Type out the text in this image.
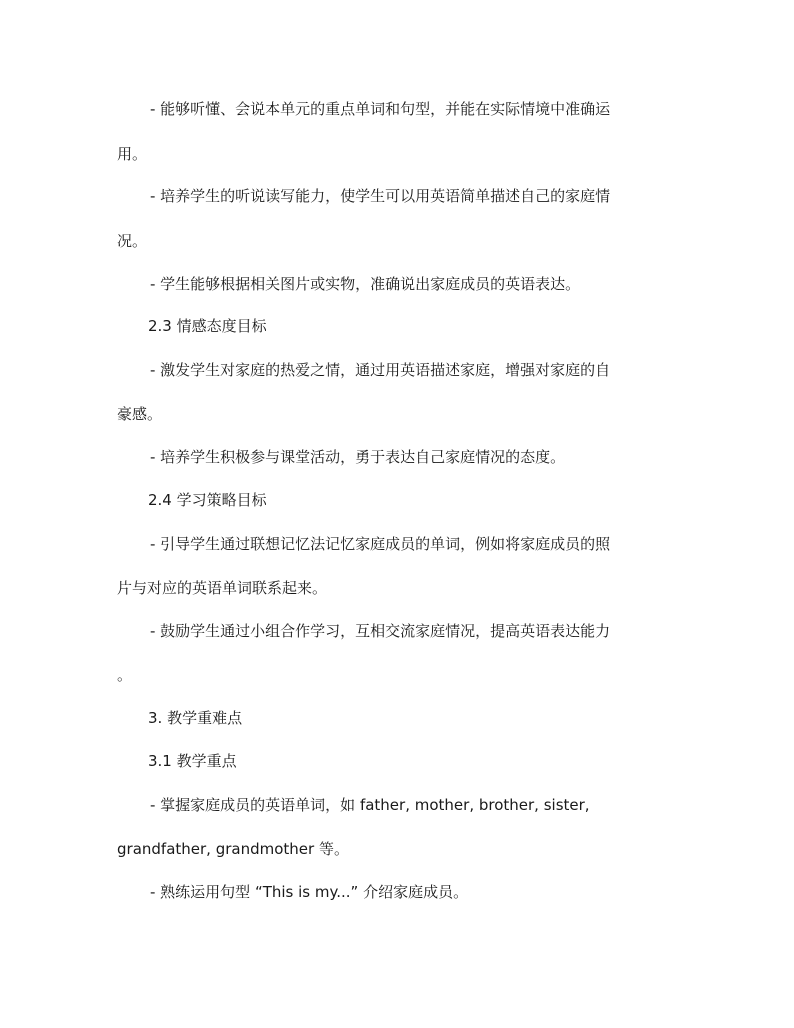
- 能够听懂、会说本单元的重点单词和句型，并能在实际情境中准确运
用。
- 培养学生的听说读写能力，使学生可以用英语简单描述自己的家庭情
况。
- 学生能够根据相关图片或实物，准确说出家庭成员的英语表达。
2.3 情感态度目标
- 激发学生对家庭的热爱之情，通过用英语描述家庭，增强对家庭的自
豪感。
- 培养学生积极参与课堂活动，勇于表达自己家庭情况的态度。
2.4 学习策略目标
- 引导学生通过联想记忆法记忆家庭成员的单词，例如将家庭成员的照
片与对应的英语单词联系起来。
- 鼓励学生通过小组合作学习，互相交流家庭情况，提高英语表达能力
。
3. 教学重难点
3.1 教学重点
- 掌握家庭成员的英语单词，如 father, mother, brother, sister,
grandfather, grandmother 等。
- 熟练运用句型 “This is my...” 介绍家庭成员。
